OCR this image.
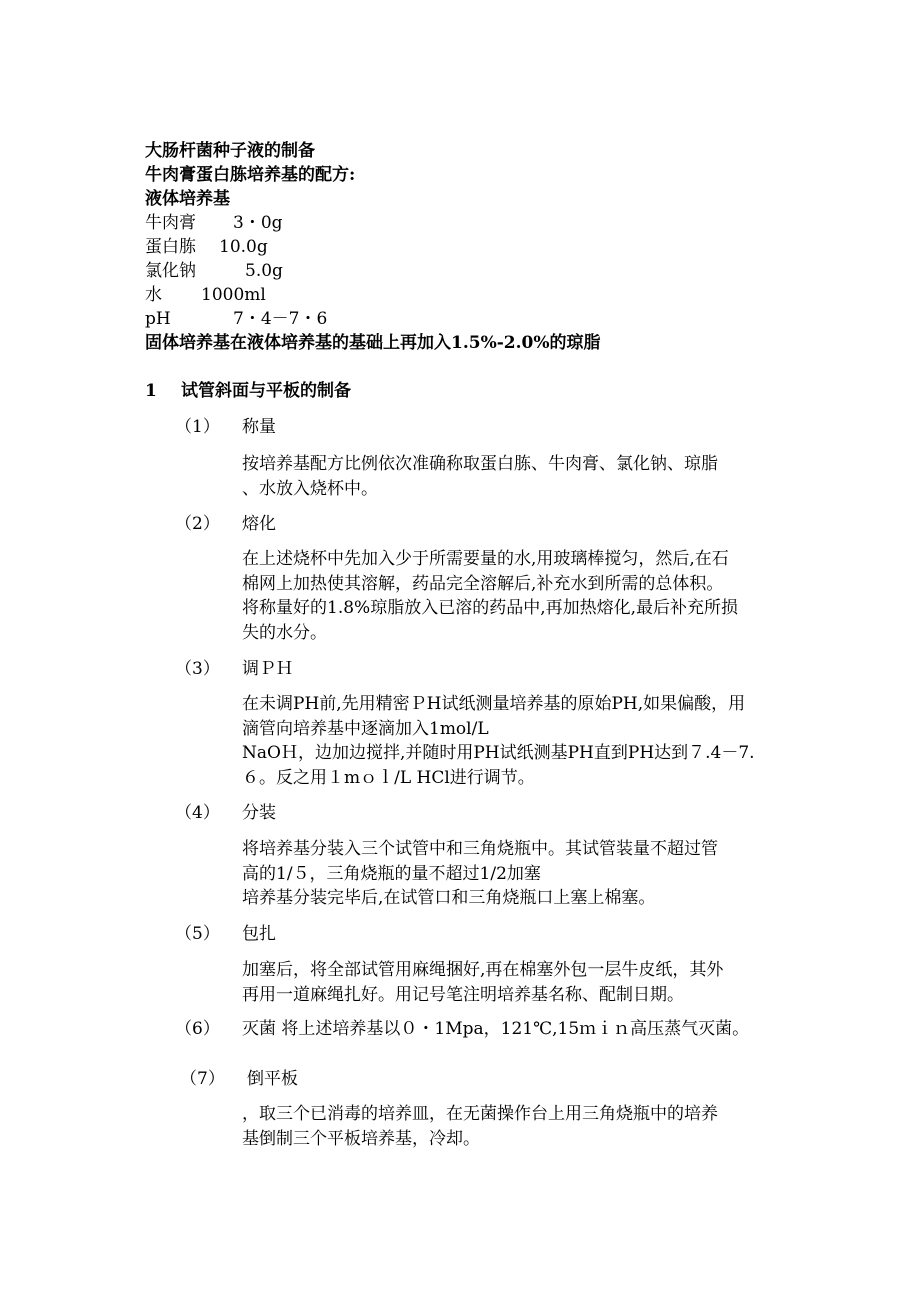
大肠杆菌种子液的制备
牛肉膏蛋白胨培养基的配方:
液体培养基
牛肉膏 3・0g
蛋白胨 10.0g
氯化钠	5.0g
水 1000ml
pH	7・4－7・6
固体培养基在液体培养基的基础上再加入1.5%-2.0%的琼脂
1 试管斜面与平板的制备
（1） 称量

按培养基配方比例依次准确称取蛋白胨、牛肉膏、氯化钠、琼脂

、水放入烧杯中。

（2） 熔化

在上述烧杯中先加入少于所需要量的水,用玻璃棒搅匀，然后,在石

棉网上加热使其溶解，药品完全溶解后,补充水到所需的总体积。

将称量好的1.8%琼脂放入已溶的药品中,再加热熔化,最后补充所损

失的水分。

（3） 调ＰＨ

在未调PH前,先用精密ＰH试纸测量培养基的原始PH,如果偏酸，用

滴管向培养基中逐滴加入1mol/L

NaOＨ，边加边搅拌,并随时用PH试纸测基PH直到PH达到７.4－7.

６。反之用１mｏｌ/L HCl进行调节。

（4） 分装

将培养基分装入三个试管中和三角烧瓶中。其试管装量不超过管

高的1/５，三角烧瓶的量不超过1/2加塞

培养基分装完毕后,在试管口和三角烧瓶口上塞上棉塞。

（5） 包扎

加塞后，将全部试管用麻绳捆好,再在棉塞外包一层牛皮纸，其外

再用一道麻绳扎好。用记号笔注明培养基名称、配制日期。

（6） 灭菌 将上述培养基以０・1Mpa，121℃,15ｍｉｎ高压蒸气灭菌。
（7） 倒平板

，取三个已消毒的培养皿，在无菌操作台上用三角烧瓶中的培养

基倒制三个平板培养基，冷却。
